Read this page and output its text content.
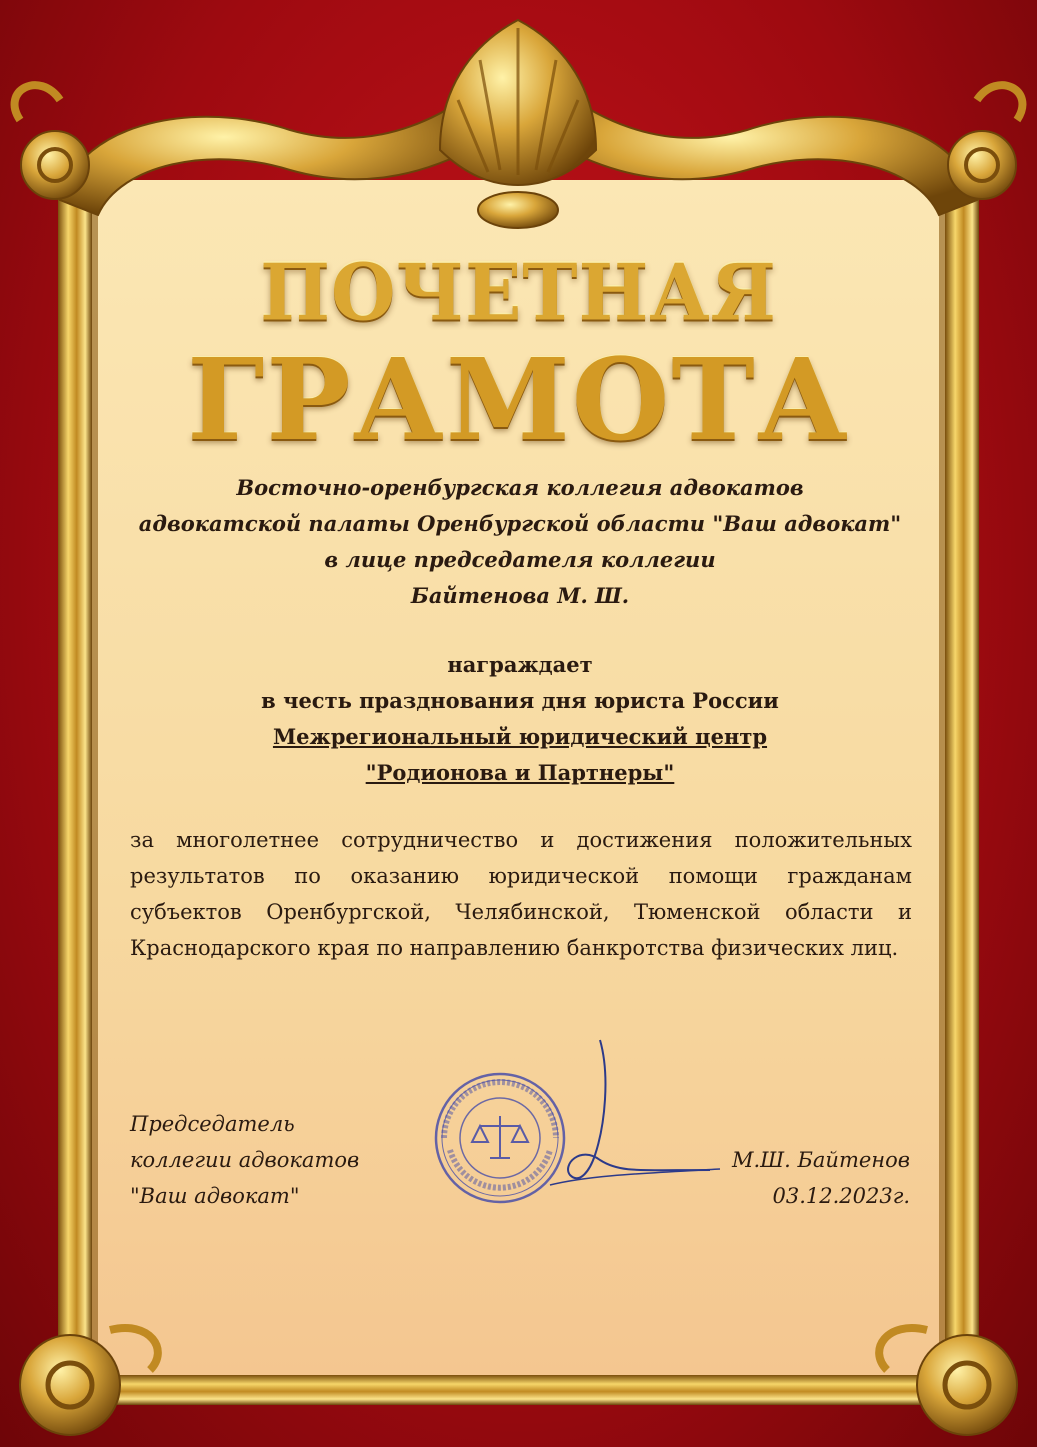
ПОЧЕТНАЯ
ГРАМОТА
Восточно-оренбургская коллегия адвокатов
адвокатской палаты Оренбургской области "Ваш адвокат"
в лице председателя коллегии
Байтенова М. Ш.
награждает
в честь празднования дня юриста России
Межрегиональный юридический центр
"Родионова и Партнеры"
за многолетнее сотрудничество и достижения положительных результатов по оказанию юридической помощи гражданам субъектов Оренбургской, Челябинской, Тюменской области и Краснодарского края по направлению банкротства физических лиц.
Председатель
коллегии адвокатов
"Ваш адвокат"
М.Ш. Байтенов
03.12.2023г.
